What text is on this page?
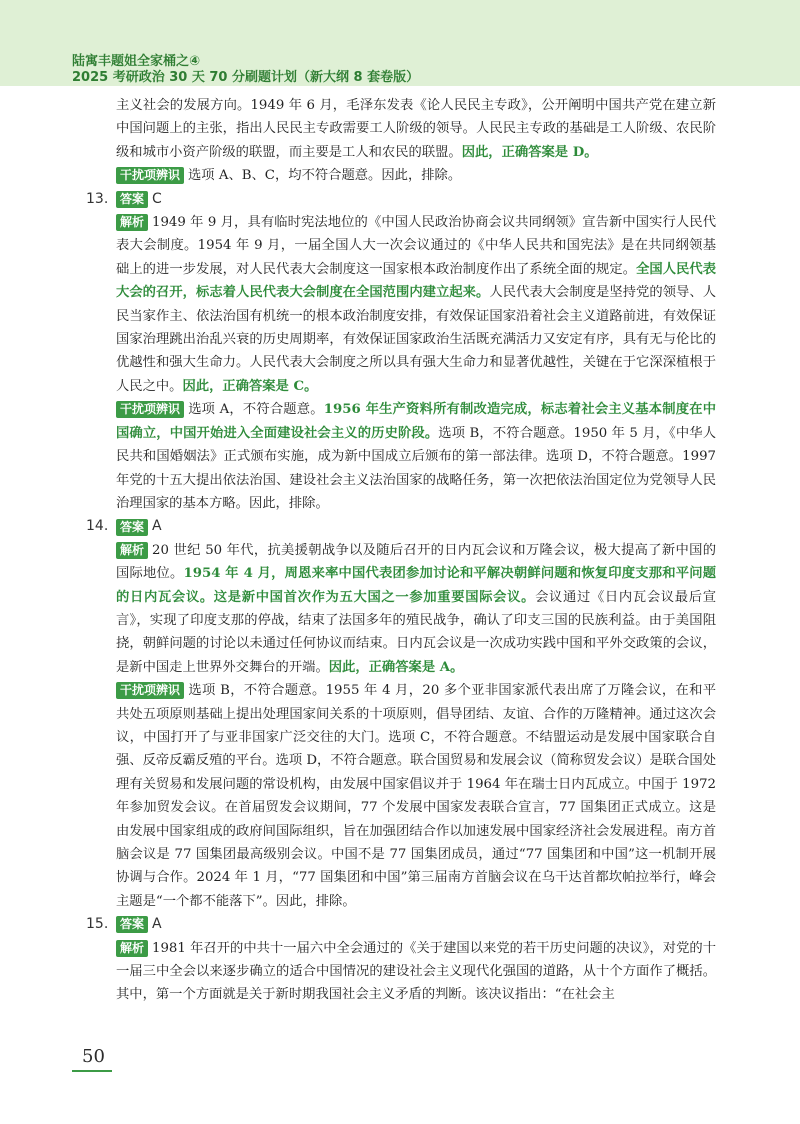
陆寓丰题姐全家桶之④
2025 考研政治 30 天 70 分刷题计划（新大纲 8 套卷版）

主义社会的发展方向。1949 年 6 月，毛泽东发表《论人民民主专政》，公开阐明中国共产党在建立新中国问题上的主张，指出人民民主专政需要工人阶级的领导。人民民主专政的基础是工人阶级、农民阶级和城市小资产阶级的联盟，而主要是工人和农民的联盟。因此，正确答案是 D。

干扰项辨识 选项 A、B、C，均不符合题意。因此，排除。

13. 答案 C

解析 1949 年 9 月，具有临时宪法地位的《中国人民政治协商会议共同纲领》宣告新中国实行人民代表大会制度。1954 年 9 月，一届全国人大一次会议通过的《中华人民共和国宪法》是在共同纲领基础上的进一步发展，对人民代表大会制度这一国家根本政治制度作出了系统全面的规定。全国人民代表大会的召开，标志着人民代表大会制度在全国范围内建立起来。人民代表大会制度是坚持党的领导、人民当家作主、依法治国有机统一的根本政治制度安排，有效保证国家沿着社会主义道路前进，有效保证国家治理跳出治乱兴衰的历史周期率，有效保证国家政治生活既充满活力又安定有序，具有无与伦比的优越性和强大生命力。人民代表大会制度之所以具有强大生命力和显著优越性，关键在于它深深植根于人民之中。因此，正确答案是 C。

干扰项辨识 选项 A，不符合题意。1956 年生产资料所有制改造完成，标志着社会主义基本制度在中国确立，中国开始进入全面建设社会主义的历史阶段。选项 B，不符合题意。1950 年 5 月，《中华人民共和国婚姻法》正式颁布实施，成为新中国成立后颁布的第一部法律。选项 D，不符合题意。1997 年党的十五大提出依法治国、建设社会主义法治国家的战略任务，第一次把依法治国定位为党领导人民治理国家的基本方略。因此，排除。

14. 答案 A

解析 20 世纪 50 年代，抗美援朝战争以及随后召开的日内瓦会议和万隆会议，极大提高了新中国的国际地位。1954 年 4 月，周恩来率中国代表团参加讨论和平解决朝鲜问题和恢复印度支那和平问题的日内瓦会议。这是新中国首次作为五大国之一参加重要国际会议。会议通过《日内瓦会议最后宣言》，实现了印度支那的停战，结束了法国多年的殖民战争，确认了印支三国的民族利益。由于美国阻挠，朝鲜问题的讨论以未通过任何协议而结束。日内瓦会议是一次成功实践中国和平外交政策的会议，是新中国走上世界外交舞台的开端。因此，正确答案是 A。

干扰项辨识 选项 B，不符合题意。1955 年 4 月，20 多个亚非国家派代表出席了万隆会议，在和平共处五项原则基础上提出处理国家间关系的十项原则，倡导团结、友谊、合作的万隆精神。通过这次会议，中国打开了与亚非国家广泛交往的大门。选项 C，不符合题意。不结盟运动是发展中国家联合自强、反帝反霸反殖的平台。选项 D，不符合题意。联合国贸易和发展会议（简称贸发会议）是联合国处理有关贸易和发展问题的常设机构，由发展中国家倡议并于 1964 年在瑞士日内瓦成立。中国于 1972 年参加贸发会议。在首届贸发会议期间，77 个发展中国家发表联合宣言，77 国集团正式成立。这是由发展中国家组成的政府间国际组织，旨在加强团结合作以加速发展中国家经济社会发展进程。南方首脑会议是 77 国集团最高级别会议。中国不是 77 国集团成员，通过“77 国集团和中国”这一机制开展协调与合作。2024 年 1 月，“77 国集团和中国”第三届南方首脑会议在乌干达首都坎帕拉举行，峰会主题是“一个都不能落下”。因此，排除。

15. 答案 A

解析 1981 年召开的中共十一届六中全会通过的《关于建国以来党的若干历史问题的决议》，对党的十一届三中全会以来逐步确立的适合中国情况的建设社会主义现代化强国的道路，从十个方面作了概括。其中，第一个方面就是关于新时期我国社会主义矛盾的判断。该决议指出：“在社会主

50
